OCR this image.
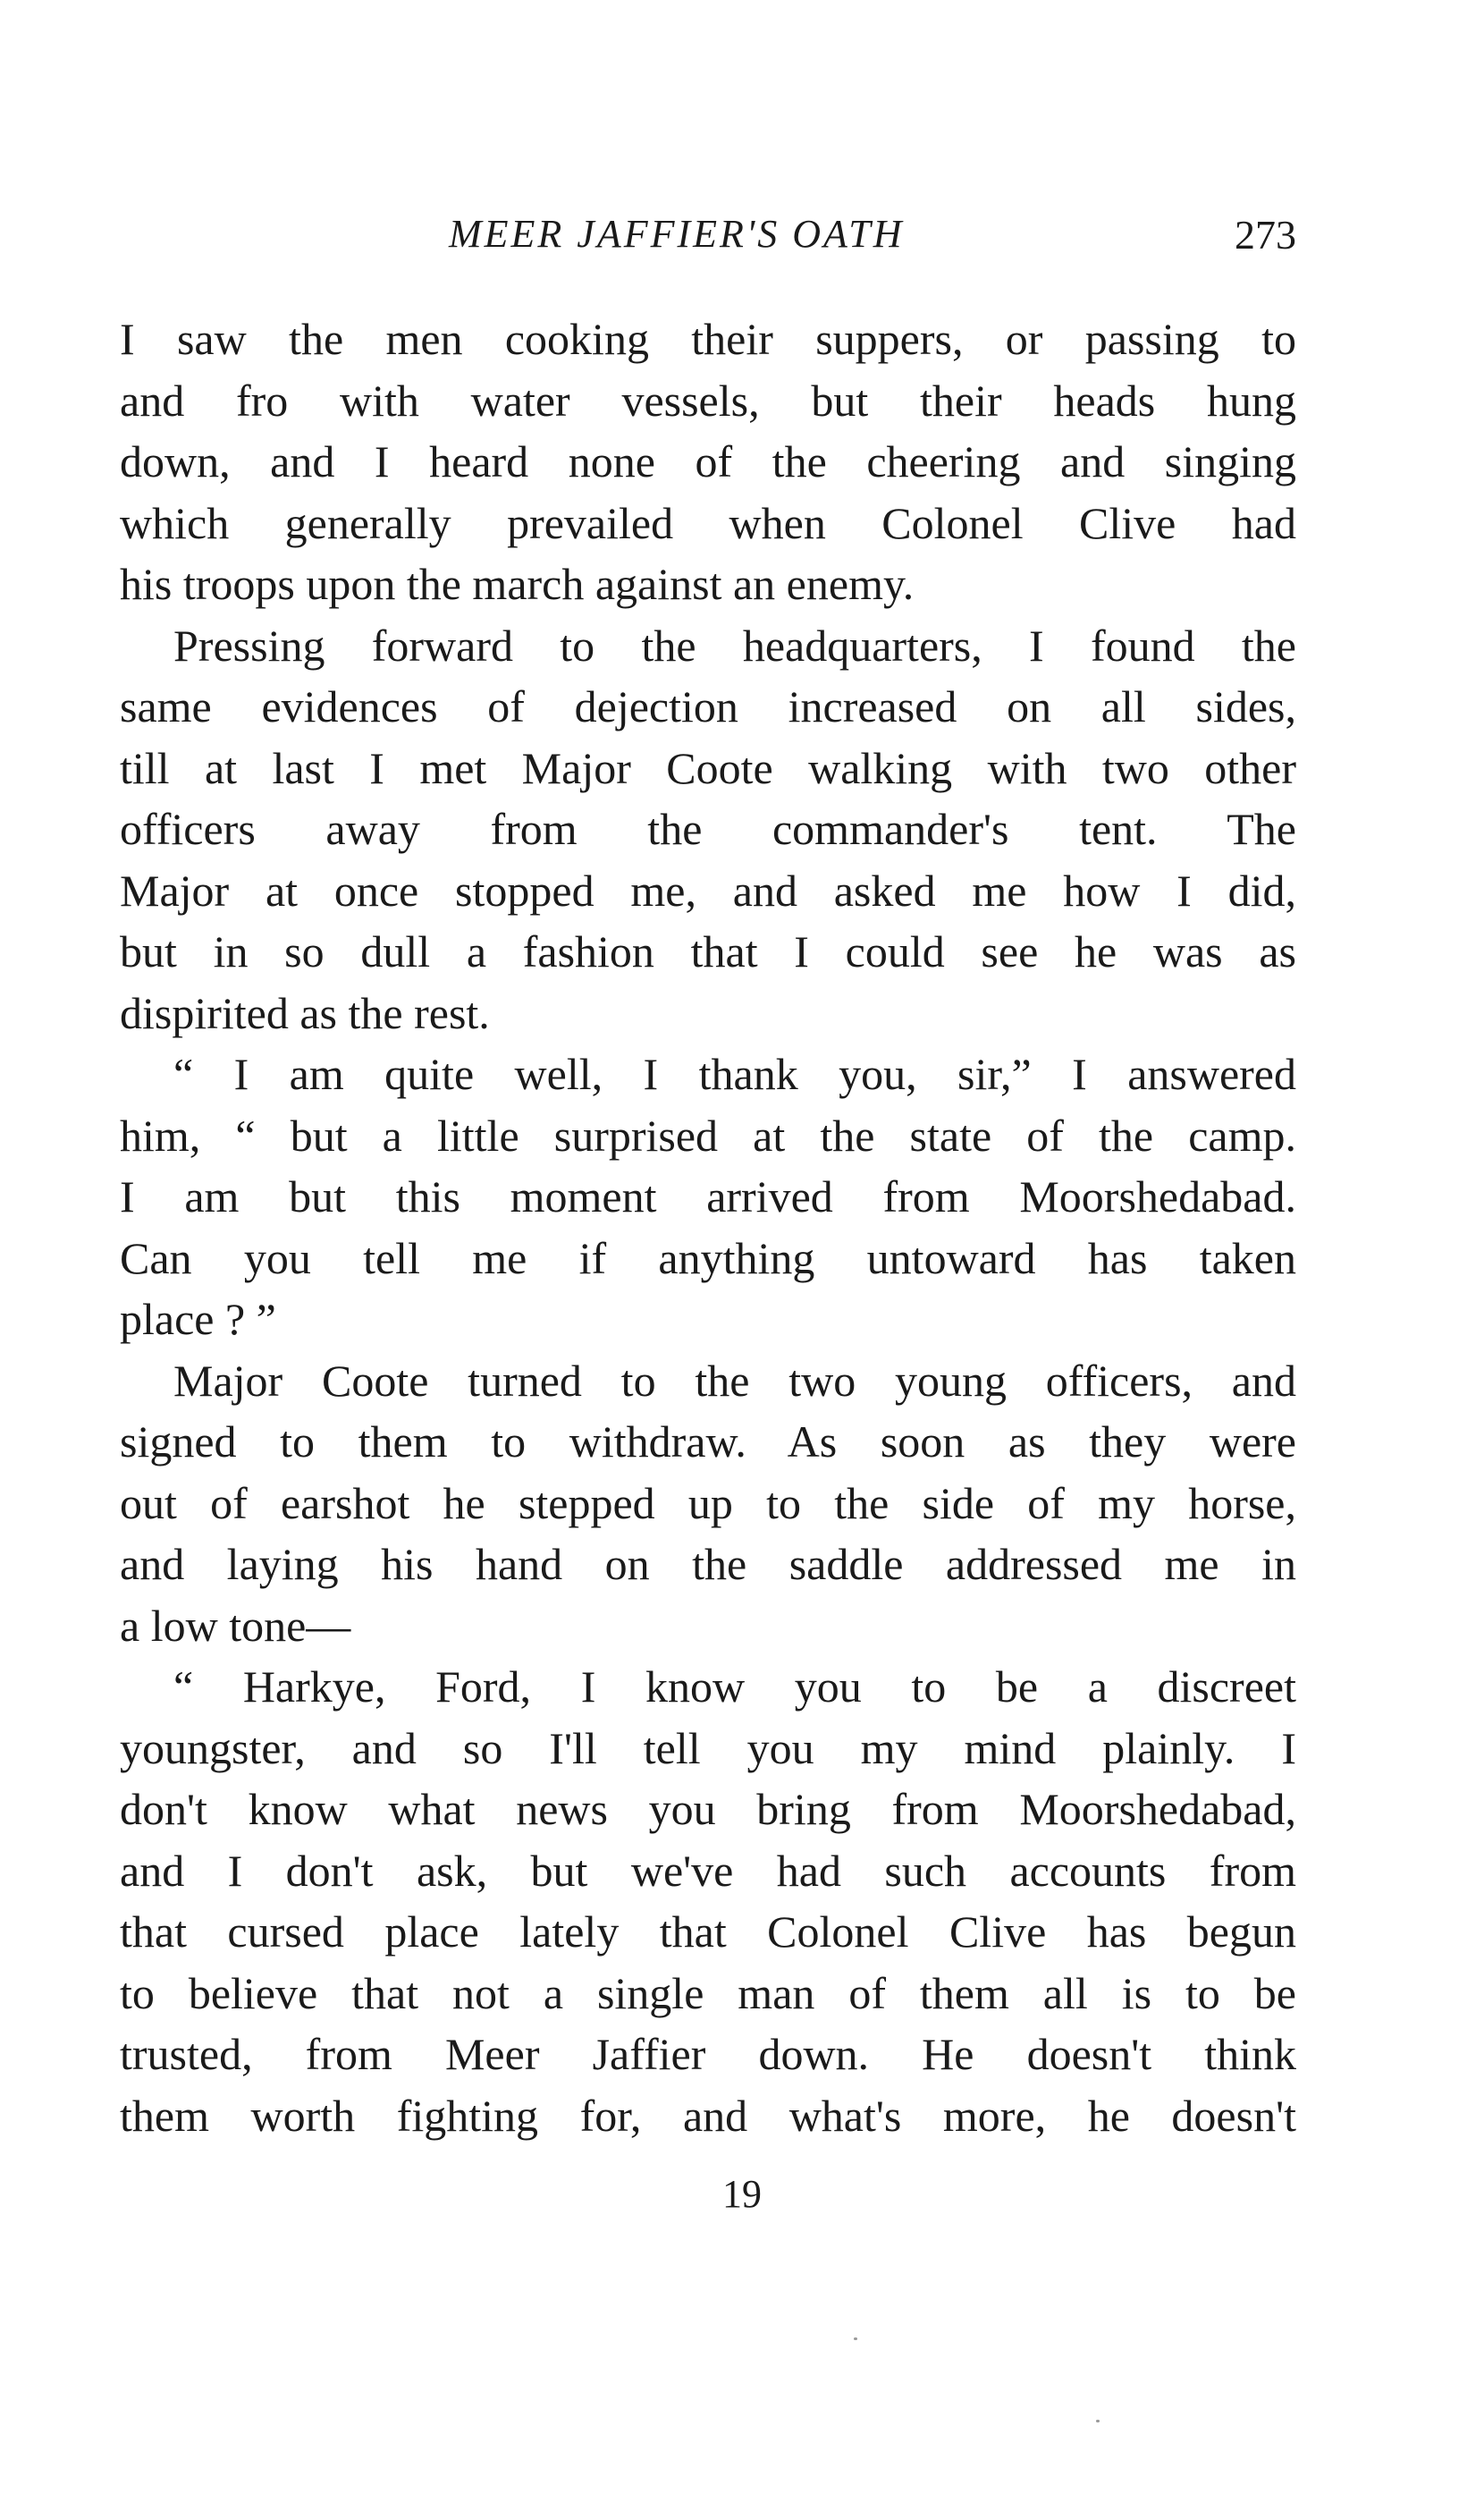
MEER JAFFIER'S OATH	273
I saw the men cooking their suppers, or passing to
and fro with water vessels, but their heads hung
down, and I heard none of the cheering and singing
which generally prevailed when Colonel Clive had
his troops upon the march against an enemy.
Pressing forward to the headquarters, I found the
same evidences of dejection increased on all sides,
till at last I met Major Coote walking with two other
officers away from the commander's tent. The
Major at once stopped me, and asked me how I did,
but in so dull a fashion that I could see he was as
dispirited as the rest.
“ I am quite well, I thank you, sir,” I answered
him, “ but a little surprised at the state of the camp.
I am but this moment arrived from Moorshedabad.
Can you tell me if anything untoward has taken
place ? ”
Major Coote turned to the two young officers, and
signed to them to withdraw. As soon as they were
out of earshot he stepped up to the side of my horse,
and laying his hand on the saddle addressed me in
a low tone—
“ Harkye, Ford, I know you to be a discreet
youngster, and so I'll tell you my mind plainly. I
don't know what news you bring from Moorshedabad,
and I don't ask, but we've had such accounts from
that cursed place lately that Colonel Clive has begun
to believe that not a single man of them all is to be
trusted, from Meer Jaffier down. He doesn't think
them worth fighting for, and what's more, he doesn't
19
